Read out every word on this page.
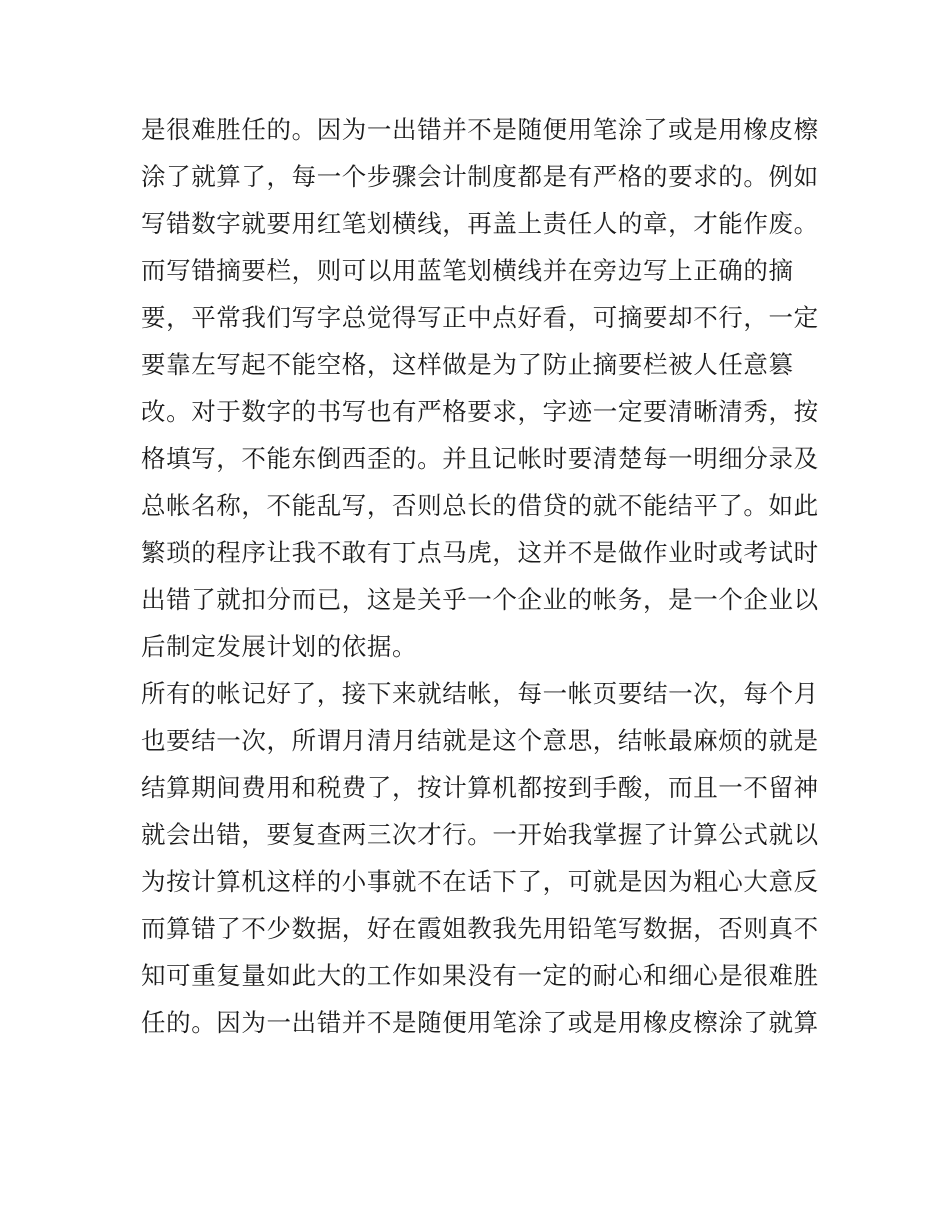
是很难胜任的。因为一出错并不是随便用笔涂了或是用橡皮檫
涂了就算了，每一个步骤会计制度都是有严格的要求的。例如
写错数字就要用红笔划横线，再盖上责任人的章，才能作废。
而写错摘要栏，则可以用蓝笔划横线并在旁边写上正确的摘
要，平常我们写字总觉得写正中点好看，可摘要却不行，一定
要靠左写起不能空格，这样做是为了防止摘要栏被人任意篡
改。对于数字的书写也有严格要求，字迹一定要清晰清秀，按
格填写，不能东倒西歪的。并且记帐时要清楚每一明细分录及
总帐名称，不能乱写，否则总长的借贷的就不能结平了。如此
繁琐的程序让我不敢有丁点马虎，这并不是做作业时或考试时
出错了就扣分而已，这是关乎一个企业的帐务，是一个企业以
后制定发展计划的依据。
所有的帐记好了，接下来就结帐，每一帐页要结一次，每个月
也要结一次，所谓月清月结就是这个意思，结帐最麻烦的就是
结算期间费用和税费了，按计算机都按到手酸，而且一不留神
就会出错，要复查两三次才行。一开始我掌握了计算公式就以
为按计算机这样的小事就不在话下了，可就是因为粗心大意反
而算错了不少数据，好在霞姐教我先用铅笔写数据，否则真不
知可重复量如此大的工作如果没有一定的耐心和细心是很难胜
任的。因为一出错并不是随便用笔涂了或是用橡皮檫涂了就算
